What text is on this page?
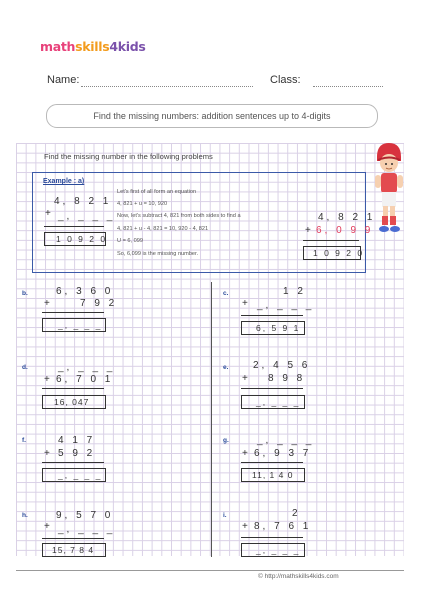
mathskills4kids
Name:	Class:
Find the missing numbers: addition sentences up to 4-digits
Find the missing number in the following problems
Example : a)
Let's first of all form an equation
4, 821 + u = 10, 920
Now, let's subtract 4, 821 from both sides to find a
4, 821 + u - 4, 821 = 10, 920 - 4, 821
U = 6, 099
So, 6,099 is the missing number.
4, 8 2 1
+ _, _ _ _
1 0 9 2 0
4, 8 2 1
+ 6, 0 9 9
1 0 9 2 0
b.	6, 3 6 0
+	7 9 2
_, _ _ _
c.	1 2
+ _, _ _ _
6, 5 9 1
d.	_, _ _ _
+ 6, 7 0 1
16, 047
e. 2, 4 5 6
+ 8 9 8
_, _ _ _
f.	4 1 7
+ 5 9 2
_, _ _ _
g.	_, _ _ _
+ 6, 9 3 7
11, 1 4 0
h.	9, 5 7 0
+ _, _ _ _
15, 7 8 4
i.	2
+ 8, 7 6 1
_, _ _ _
© http://mathskills4kids.com
